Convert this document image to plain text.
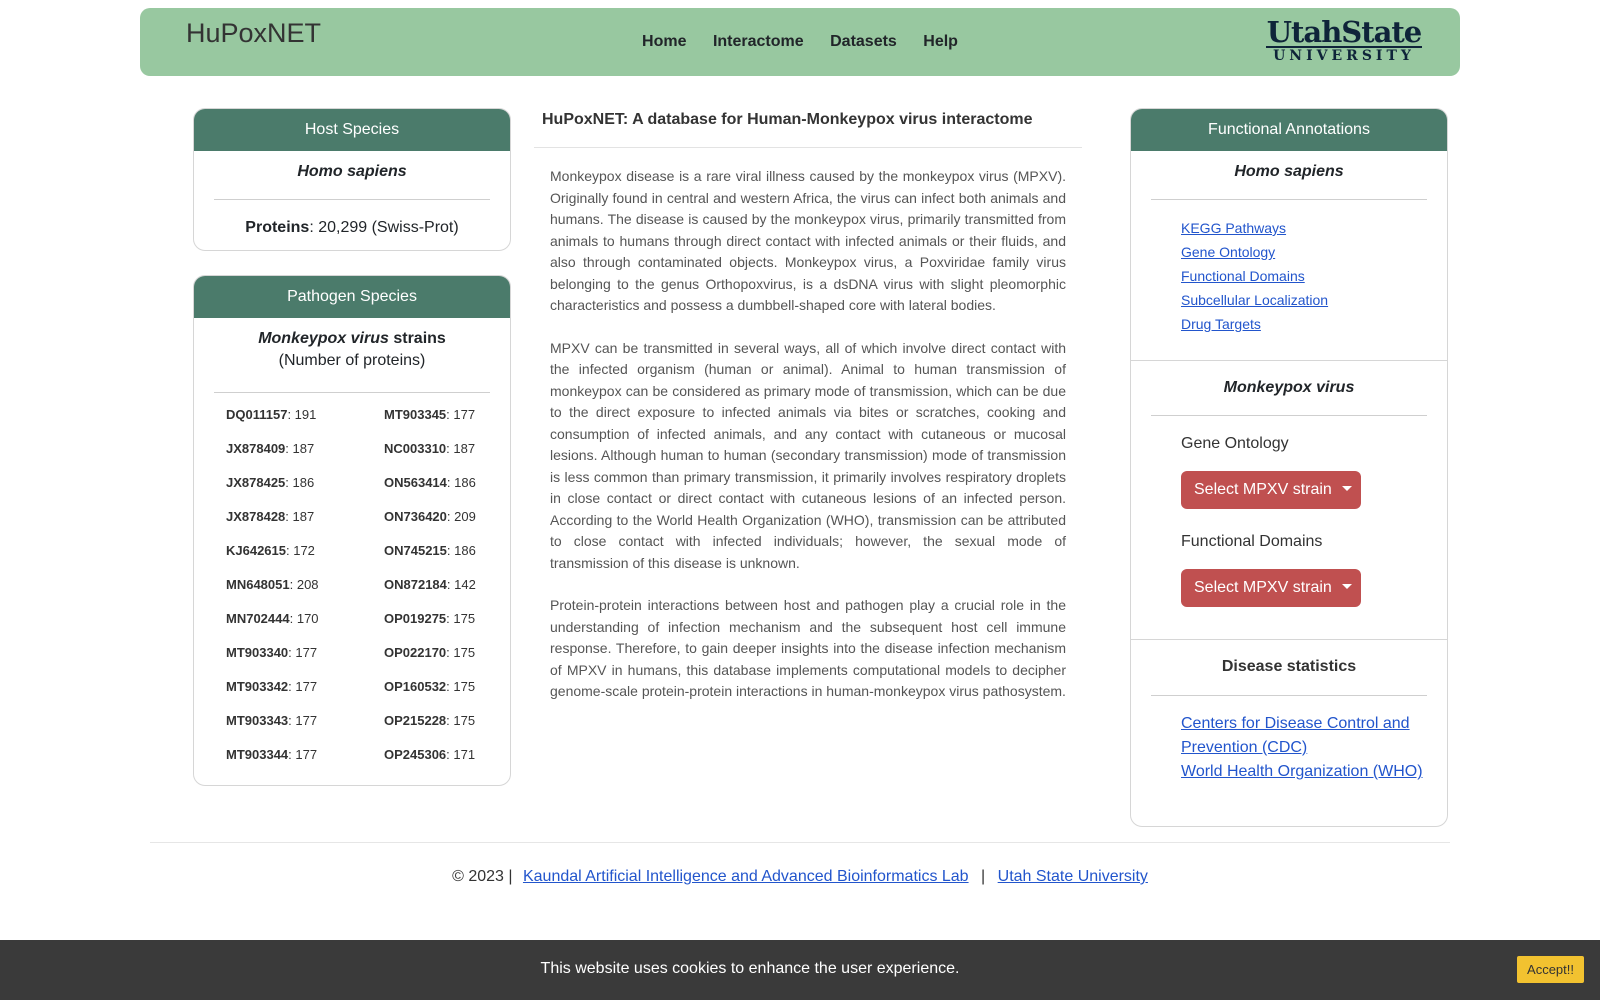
HuPoxNET	Home Interactome Datasets Help	UtahState
UNIVERSITY
Host Species
Homo sapiens
Proteins: 20,299 (Swiss-Prot)
Pathogen Species
Monkeypox virus strains
(Number of proteins)
DQ011157: 191	MT903345: 177
JX878409: 187	NC003310: 187
JX878425: 186	ON563414: 186
JX878428: 187	ON736420: 209
KJ642615: 172	ON745215: 186
MN648051: 208	ON872184: 142
MN702444: 170	OP019275: 175
MT903340: 177	OP022170: 175
MT903342: 177	OP160532: 175
MT903343: 177	OP215228: 175
MT903344: 177	OP245306: 171
HuPoxNET: A database for Human-Monkeypox virus interactome

Monkeypox disease is a rare viral illness caused by the monkeypox virus (MPXV). Originally found in central and western Africa, the virus can infect both animals and humans. The disease is caused by the monkeypox virus, primarily transmitted from animals to humans through direct contact with infected animals or their fluids, and also through contaminated objects. Monkeypox virus, a Poxviridae family virus belonging to the genus Orthopoxvirus, is a dsDNA virus with slight pleomorphic characteristics and possess a dumbbell-shaped core with lateral bodies.

MPXV can be transmitted in several ways, all of which involve direct contact with the infected organism (human or animal). Animal to human transmission of monkeypox can be considered as primary mode of transmission, which can be due to the direct exposure to infected animals via bites or scratches, cooking and consumption of infected animals, and any contact with cutaneous or mucosal lesions. Although human to human (secondary transmission) mode of transmission is less common than primary transmission, it primarily involves respiratory droplets in close contact or direct contact with cutaneous lesions of an infected person. According to the World Health Organization (WHO), transmission can be attributed to close contact with infected individuals; however, the sexual mode of transmission of this disease is unknown.

Protein-protein interactions between host and pathogen play a crucial role in the understanding of infection mechanism and the subsequent host cell immune response. Therefore, to gain deeper insights into the disease infection mechanism of MPXV in humans, this database implements computational models to decipher genome-scale protein-protein interactions in human-monkeypox virus pathosystem.

Functional Annotations
Homo sapiens
KEGG Pathways
Gene Ontology
Functional Domains
Subcellular Localization
Drug Targets
Monkeypox virus
Gene Ontology
Select MPXV strain
Functional Domains
Select MPXV strain
Disease statistics
Centers for Disease Control and Prevention (CDC)
World Health Organization (WHO)
© 2023 | Kaundal Artificial Intelligence and Advanced Bioinformatics Lab | Utah State University
This website uses cookies to enhance the user experience.	Accept!!
